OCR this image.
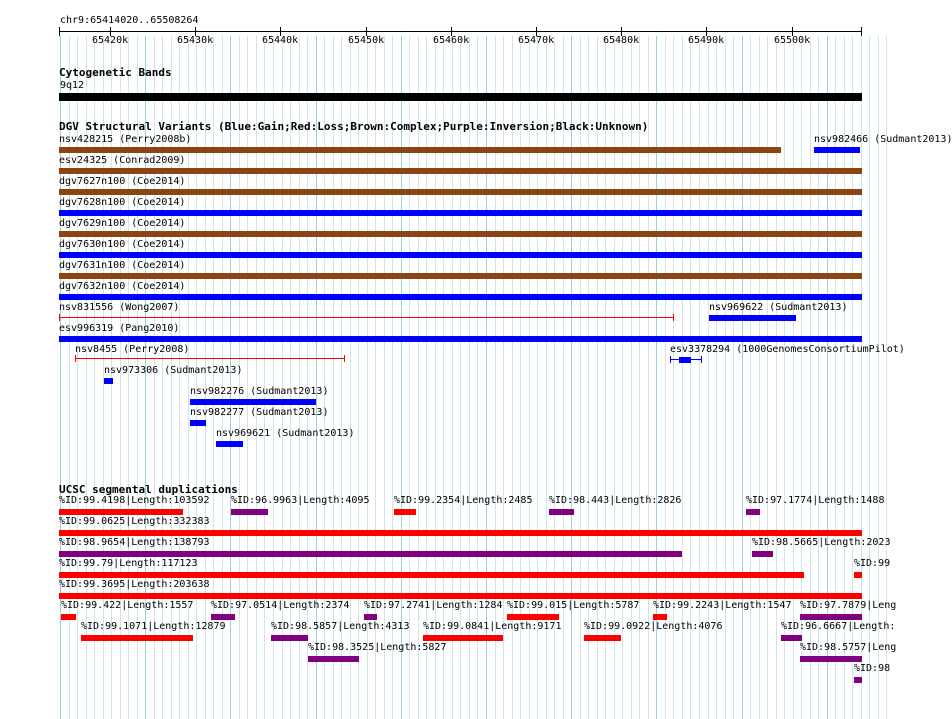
chr9:65414020..65508264
65420k	65430k	65440k	65450k	65460k	65470k	65480k	65490k	65500k
Cytogenetic Bands
9q12
DGV Structural Variants (Blue:Gain;Red:Loss;Brown:Complex;Purple:Inversion;Black:Unknown)
nsv428215 (Perry2008b)	nsv982466 (Sudmant2013)
esv24325 (Conrad2009)
dgv7627n100 (Coe2014)
dgv7628n100 (Coe2014)
dgv7629n100 (Coe2014)
dgv7630n100 (Coe2014)
dgv7631n100 (Coe2014)
dgv7632n100 (Coe2014)
nsv831556 (Wong2007)	nsv969622 (Sudmant2013)
esv996319 (Pang2010)
nsv8455 (Perry2008)	esv3378294 (1000GenomesConsortiumPilot)
nsv973306 (Sudmant2013)
nsv982276 (Sudmant2013)
nsv982277 (Sudmant2013)
nsv969621 (Sudmant2013)
UCSC segmental duplications
%ID:99.4198|Length:103592 %ID:96.9963|Length:4095 %ID:99.2354|Length:2485 %ID:98.443|Length:2826	%ID:97.1774|Length:1488
%ID:99.0625|Length:332383
%ID:98.9654|Length:138793	%ID:98.5665|Length:2023
%ID:99.79|Length:117123	%ID:99
%ID:99.3695|Length:203638
%ID:99.422|Length:1557 %ID:97.0514|Length:2374 %ID:97.2741|Length:1284 %ID:99.015|Length:5787 %ID:99.2243|Length:1547 %ID:97.7879|Leng
%ID:99.1071|Length:12879	%ID:98.5857|Length:4313 %ID:99.0841|Length:9171 %ID:99.0922|Length:4076	%ID:96.6667|Length:
%ID:98.3525|Length:5827	%ID:98.5757|Leng
%ID:98
